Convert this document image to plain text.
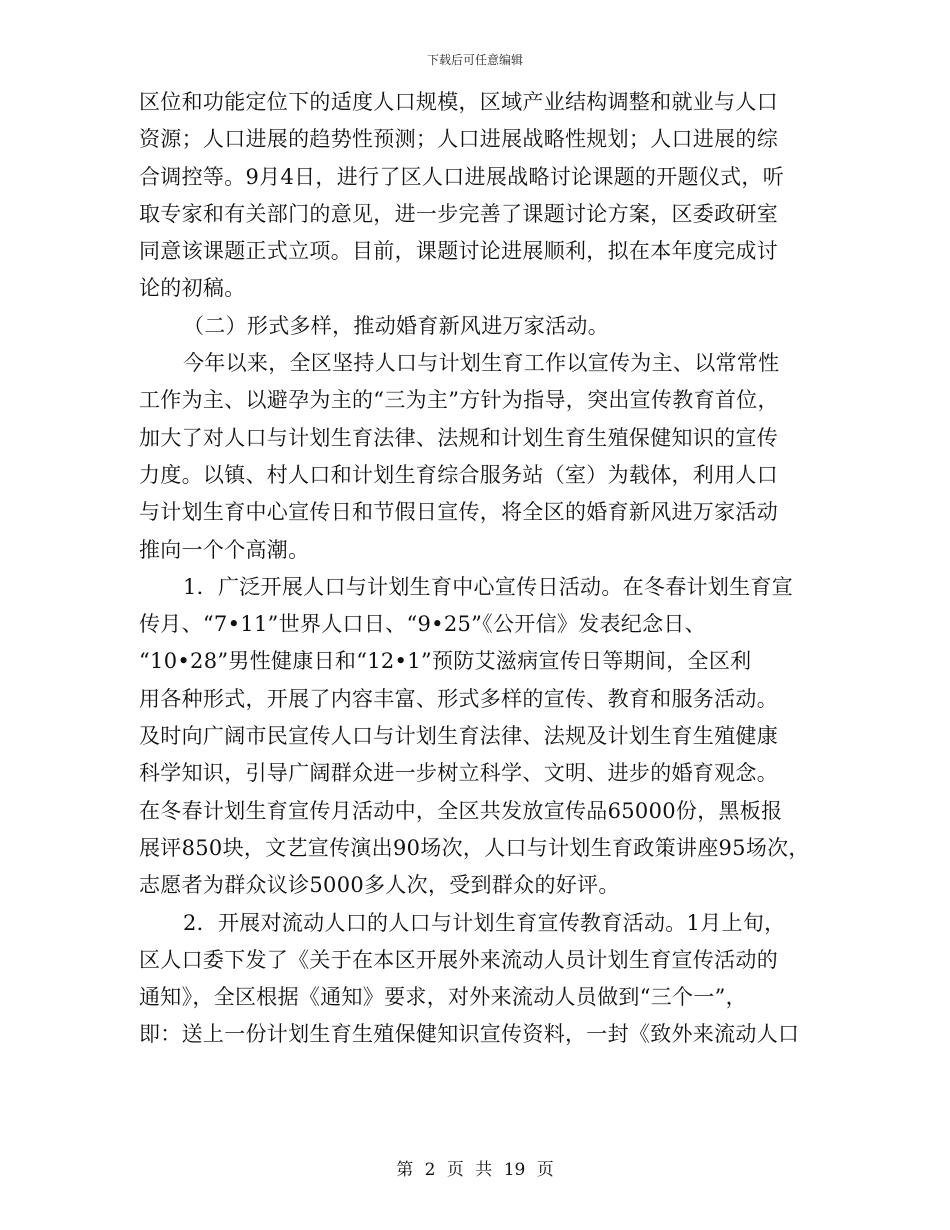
下载后可任意编辑
区位和功能定位下的适度人口规模，区域产业结构调整和就业与人口
资源；人口进展的趋势性预测；人口进展战略性规划；人口进展的综
合调控等。9月4日，进行了区人口进展战略讨论课题的开题仪式，听
取专家和有关部门的意见，进一步完善了课题讨论方案，区委政研室
同意该课题正式立项。目前，课题讨论进展顺利，拟在本年度完成讨
论的初稿。
（二）形式多样，推动婚育新风进万家活动。
今年以来，全区坚持人口与计划生育工作以宣传为主、以常常性
工作为主、以避孕为主的“三为主”方针为指导，突出宣传教育首位，
加大了对人口与计划生育法律、法规和计划生育生殖保健知识的宣传
力度。以镇、村人口和计划生育综合服务站（室）为载体，利用人口
与计划生育中心宣传日和节假日宣传，将全区的婚育新风进万家活动
推向一个个高潮。
1．广泛开展人口与计划生育中心宣传日活动。在冬春计划生育宣
传月、“7•11”世界人口日、“9•25”《公开信》发表纪念日、
“10•28”男性健康日和“12•1”预防艾滋病宣传日等期间，全区利
用各种形式，开展了内容丰富、形式多样的宣传、教育和服务活动。
及时向广阔市民宣传人口与计划生育法律、法规及计划生育生殖健康
科学知识，引导广阔群众进一步树立科学、文明、进步的婚育观念。
在冬春计划生育宣传月活动中，全区共发放宣传品65000份，黑板报
展评850块，文艺宣传演出90场次，人口与计划生育政策讲座95场次，
志愿者为群众议诊5000多人次，受到群众的好评。
2．开展对流动人口的人口与计划生育宣传教育活动。1月上旬，
区人口委下发了《关于在本区开展外来流动人员计划生育宣传活动的
通知》，全区根据《通知》要求，对外来流动人员做到“三个一”，
即：送上一份计划生育生殖保健知识宣传资料，一封《致外来流动人口
第 2 页 共 19 页
